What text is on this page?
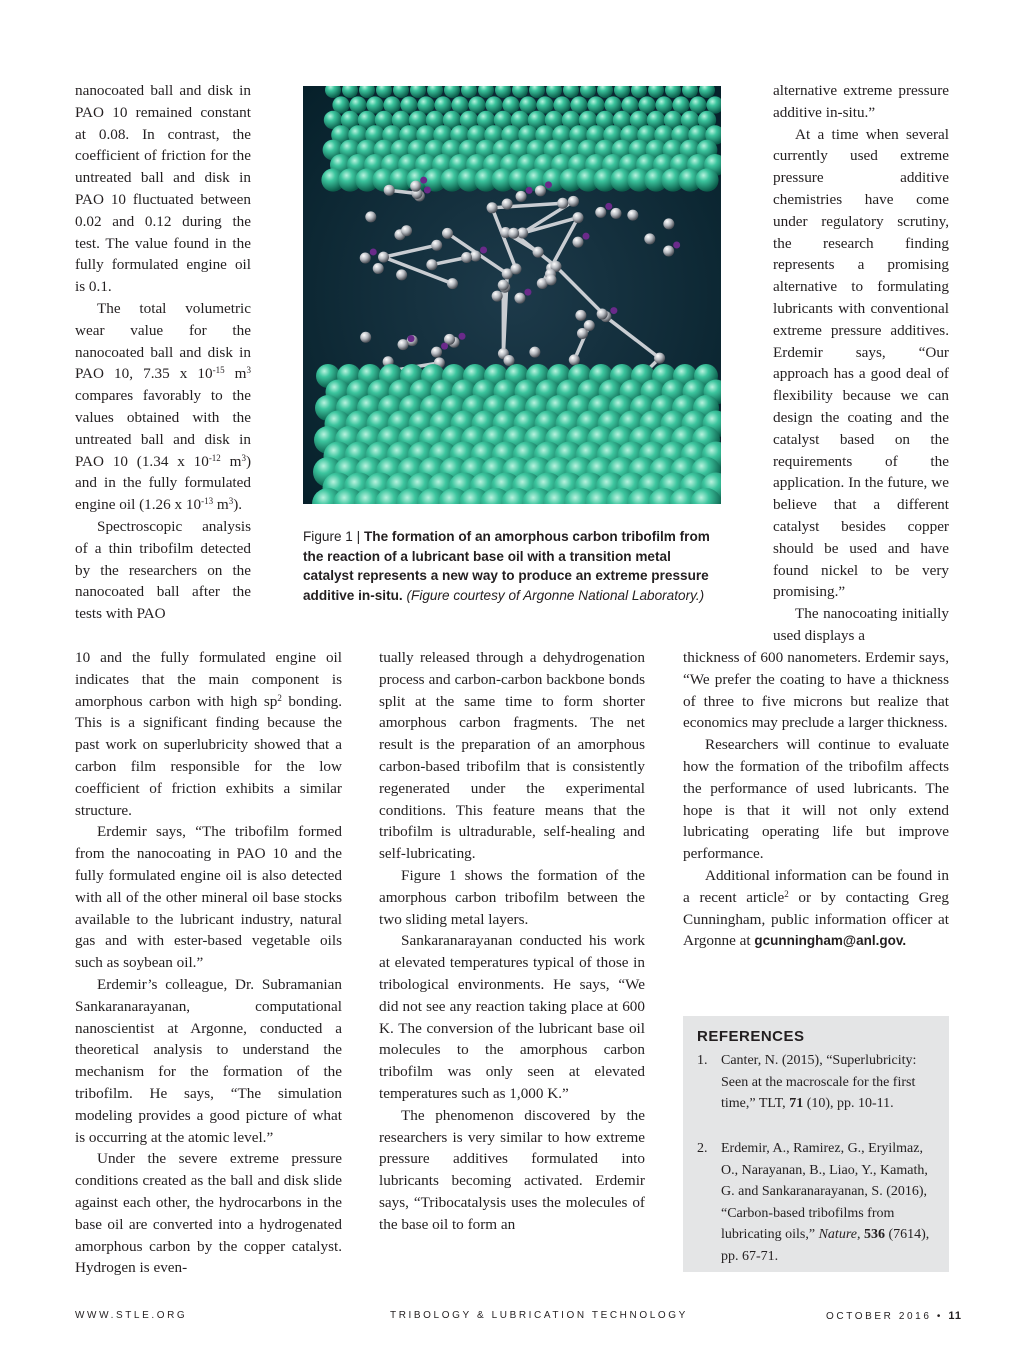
nanocoated ball and disk in PAO 10 remained constant at 0.08. In contrast, the coefficient of friction for the untreated ball and disk in PAO 10 fluctuated between 0.02 and 0.12 during the test. The value found in the fully formulated engine oil is 0.1.

The total volumetric wear value for the nanocoated ball and disk in PAO 10, 7.35 x $10^{-15}$ $m^3$ compares favorably to the values obtained with the untreated ball and disk in PAO 10 (1.34 x $10^{-12}$ $m^3$) and in the fully formulated engine oil (1.26 x $10^{-13}$ $m^3$).

Spectroscopic analysis of a thin tribofilm detected by the researchers on the nanocoated ball after the tests with PAO

Figure 1 | The formation of an amorphous carbon tribofilm from the reaction of a lubricant base oil with a transition metal catalyst represents a new way to produce an extreme pressure additive in-situ. (Figure courtesy of Argonne National Laboratory.)

10 and the fully formulated engine oil indicates that the main component is amorphous carbon with high $sp^2$ bonding. This is a significant finding because the past work on superlubricity showed that a carbon film responsible for the low coefficient of friction exhibits a similar structure.

Erdemir says, “The tribofilm formed from the nanocoating in PAO 10 and the fully formulated engine oil is also detected with all of the other mineral oil base stocks available to the lubricant industry, natural gas and with ester-based vegetable oils such as soybean oil.”

Erdemir’s colleague, Dr. Subramanian Sankaranarayanan, computational nanoscientist at Argonne, conducted a theoretical analysis to understand the mechanism for the formation of the tribofilm. He says, “The simulation modeling provides a good picture of what is occurring at the atomic level.”

Under the severe extreme pressure conditions created as the ball and disk slide against each other, the hydrocarbons in the base oil are converted into a hydrogenated amorphous carbon by the copper catalyst. Hydrogen is even-

tually released through a dehydrogenation process and carbon-carbon backbone bonds split at the same time to form shorter amorphous carbon fragments. The net result is the preparation of an amorphous carbon-based tribofilm that is consistently regenerated under the experimental conditions. This feature means that the tribofilm is ultradurable, self-healing and self-lubricating.

Figure 1 shows the formation of the amorphous carbon tribofilm between the two sliding metal layers.

Sankaranarayanan conducted his work at elevated temperatures typical of those in tribological environments. He says, “We did not see any reaction taking place at 600 K. The conversion of the lubricant base oil molecules to the amorphous carbon tribofilm was only seen at elevated temperatures such as 1,000 K.”

The phenomenon discovered by the researchers is very similar to how extreme pressure additives formulated into lubricants becoming activated. Erdemir says, “Tribocatalysis uses the molecules of the base oil to form an

alternative extreme pressure additive in-situ.”

At a time when several currently used extreme pressure additive chemistries have come under regulatory scrutiny, the research finding represents a promising alternative to formulating lubricants with conventional extreme pressure additives. Erdemir says, “Our approach has a good deal of flexibility because we can design the coating and the catalyst based on the requirements of the application. In the future, we believe that a different catalyst besides copper should be used and have found nickel to be very promising.”

The nanocoating initially used displays a

thickness of 600 nanometers. Erdemir says, “We prefer the coating to have a thickness of three to five microns but realize that economics may preclude a larger thickness.

Researchers will continue to evaluate how the formation of the tribofilm affects the performance of used lubricants. The hope is that it will not only extend lubricating operating life but improve performance.

Additional information can be found in a recent article$^2$ or by contacting Greg Cunningham, public information officer at Argonne at gcunningham@anl.gov.

REFERENCES
1. Canter, N. (2015), “Superlubricity: Seen at the macroscale for the first time,” TLT, 71 (10), pp. 10-11.
2. Erdemir, A., Ramirez, G., Eryilmaz, O., Narayanan, B., Liao, Y., Kamath, G. and Sankaranarayanan, S. (2016), “Carbon-based tribofilms from lubricating oils,” Nature, 536 (7614), pp. 67-71.
WWW.STLE.ORG	TRIBOLOGY & LUBRICATION TECHNOLOGY	OCTOBER 2016 • 11
